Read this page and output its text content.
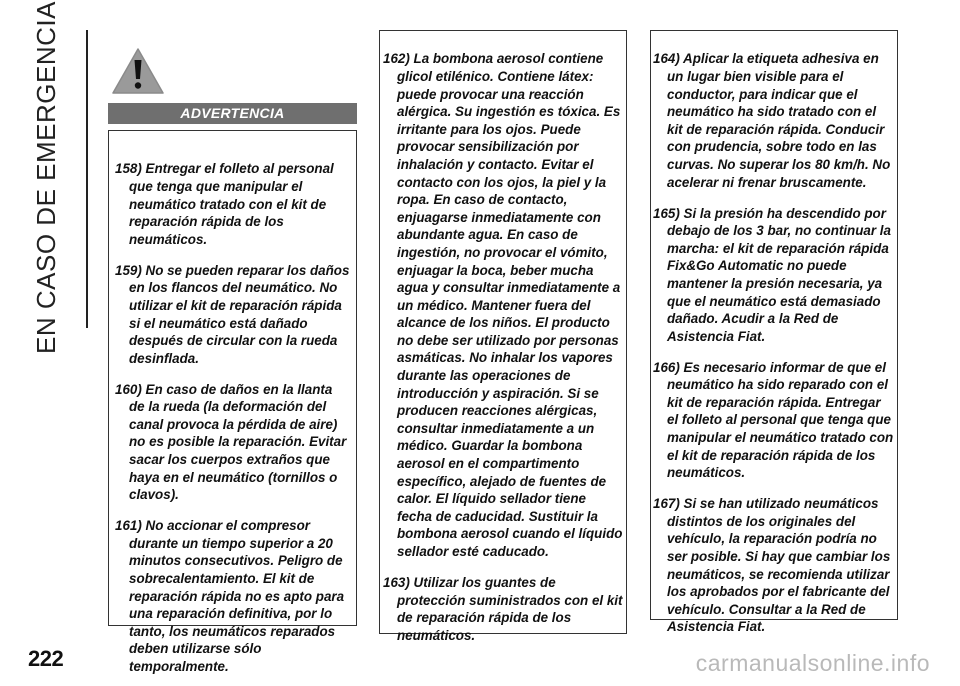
EN CASO DE EMERGENCIA	ADVERTENCIA

158) Entregar el folleto al personal que tenga que manipular el neumático tratado con el kit de reparación rápida de los neumáticos.

159) No se pueden reparar los daños en los flancos del neumático. No utilizar el kit de reparación rápida si el neumático está dañado después de circular con la rueda desinflada.

160) En caso de daños en la llanta de la rueda (la deformación del canal provoca la pérdida de aire) no es posible la reparación. Evitar sacar los cuerpos extraños que haya en el neumático (tornillos o clavos).

161) No accionar el compresor durante un tiempo superior a 20 minutos consecutivos. Peligro de sobrecalentamiento. El kit de reparación rápida no es apto para una reparación definitiva, por lo tanto, los neumáticos reparados deben utilizarse sólo temporalmente.

162) La bombona aerosol contiene glicol etilénico. Contiene látex: puede provocar una reacción alérgica. Su ingestión es tóxica. Es irritante para los ojos. Puede provocar sensibilización por inhalación y contacto. Evitar el contacto con los ojos, la piel y la ropa. En caso de contacto, enjuagarse inmediatamente con abundante agua. En caso de ingestión, no provocar el vómito, enjuagar la boca, beber mucha agua y consultar inmediatamente a un médico. Mantener fuera del alcance de los niños. El producto no debe ser utilizado por personas asmáticas. No inhalar los vapores durante las operaciones de introducción y aspiración. Si se producen reacciones alérgicas, consultar inmediatamente a un médico. Guardar la bombona aerosol en el compartimento específico, alejado de fuentes de calor. El líquido sellador tiene fecha de caducidad. Sustituir la bombona aerosol cuando el líquido sellador esté caducado.

163) Utilizar los guantes de protección suministrados con el kit de reparación rápida de los neumáticos.

164) Aplicar la etiqueta adhesiva en un lugar bien visible para el conductor, para indicar que el neumático ha sido tratado con el kit de reparación rápida. Conducir con prudencia, sobre todo en las curvas. No superar los 80 km/h. No acelerar ni frenar bruscamente.

165) Si la presión ha descendido por debajo de los 3 bar, no continuar la marcha: el kit de reparación rápida Fix&Go Automatic no puede mantener la presión necesaria, ya que el neumático está demasiado dañado. Acudir a la Red de Asistencia Fiat.

166) Es necesario informar de que el neumático ha sido reparado con el kit de reparación rápida. Entregar el folleto al personal que tenga que manipular el neumático tratado con el kit de reparación rápida de los neumáticos.

167) Si se han utilizado neumáticos distintos de los originales del vehículo, la reparación podría no ser posible. Si hay que cambiar los neumáticos, se recomienda utilizar los aprobados por el fabricante del vehículo. Consultar a la Red de Asistencia Fiat.

222	carmanualsonline.info
